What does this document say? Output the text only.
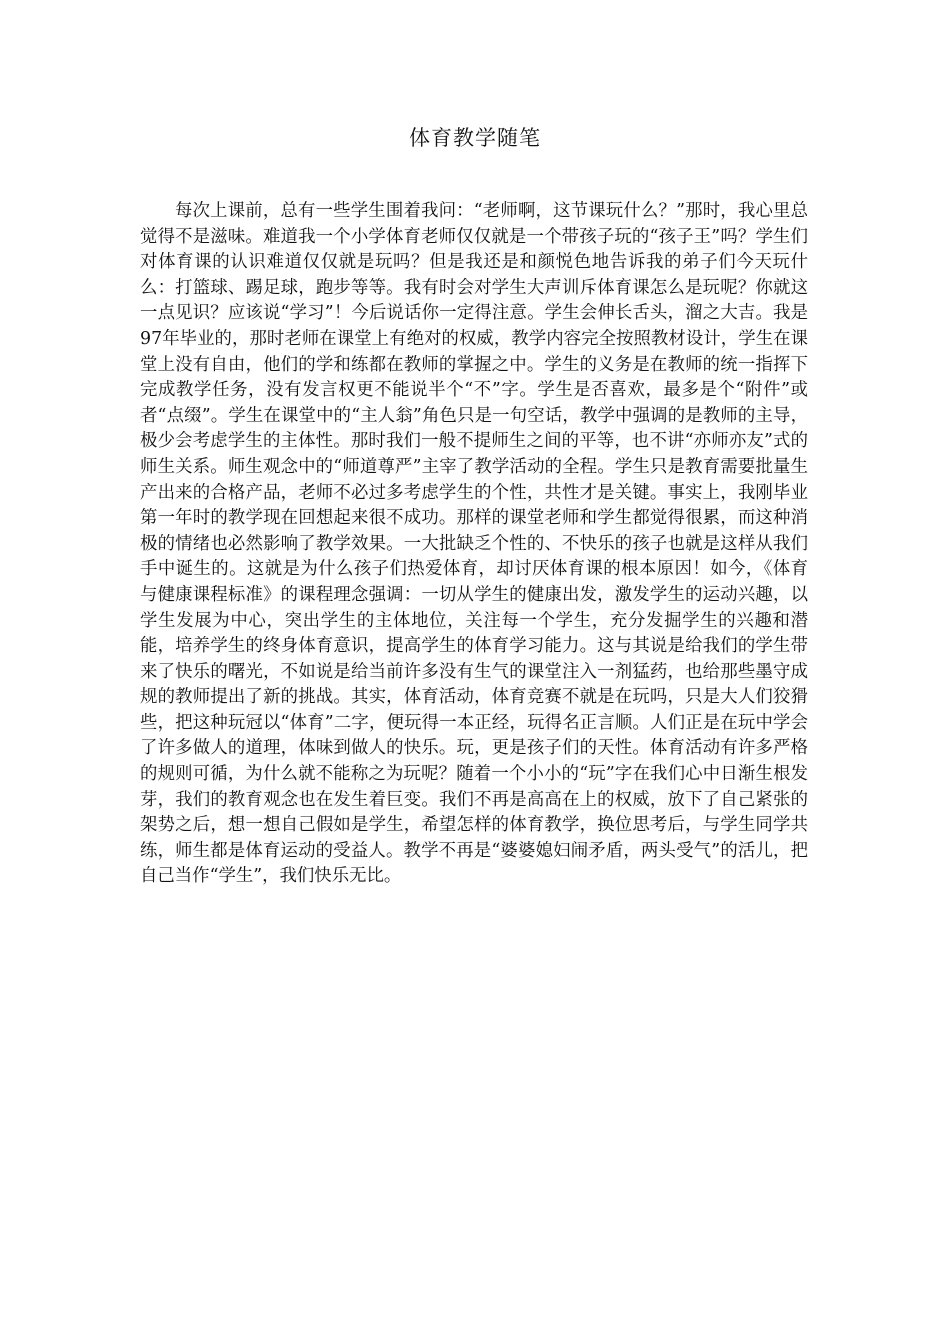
体育教学随笔

每次上课前，总有一些学生围着我问：“老师啊，这节课玩什么？”那时，我心里总觉得不是滋味。难道我一个小学体育老师仅仅就是一个带孩子玩的“孩子王”吗？学生们对体育课的认识难道仅仅就是玩吗？但是我还是和颜悦色地告诉我的弟子们今天玩什么：打篮球、踢足球，跑步等等。我有时会对学生大声训斥体育课怎么是玩呢？你就这一点见识？应该说“学习”！今后说话你一定得注意。学生会伸长舌头，溜之大吉。我是97年毕业的，那时老师在课堂上有绝对的权威，教学内容完全按照教材设计，学生在课堂上没有自由，他们的学和练都在教师的掌握之中。学生的义务是在教师的统一指挥下完成教学任务，没有发言权更不能说半个“不”字。学生是否喜欢，最多是个“附件”或者“点缀”。学生在课堂中的“主人翁”角色只是一句空话，教学中强调的是教师的主导，极少会考虑学生的主体性。那时我们一般不提师生之间的平等，也不讲“亦师亦友”式的师生关系。师生观念中的“师道尊严”主宰了教学活动的全程。学生只是教育需要批量生产出来的合格产品，老师不必过多考虑学生的个性，共性才是关键。事实上，我刚毕业第一年时的教学现在回想起来很不成功。那样的课堂老师和学生都觉得很累，而这种消极的情绪也必然影响了教学效果。一大批缺乏个性的、不快乐的孩子也就是这样从我们手中诞生的。这就是为什么孩子们热爱体育，却讨厌体育课的根本原因！如今，《体育与健康课程标准》的课程理念强调：一切从学生的健康出发，激发学生的运动兴趣，以学生发展为中心，突出学生的主体地位，关注每一个学生，充分发掘学生的兴趣和潜能，培养学生的终身体育意识，提高学生的体育学习能力。这与其说是给我们的学生带来了快乐的曙光，不如说是给当前许多没有生气的课堂注入一剂猛药，也给那些墨守成规的教师提出了新的挑战。其实，体育活动，体育竞赛不就是在玩吗，只是大人们狡猾些，把这种玩冠以“体育”二字，便玩得一本正经，玩得名正言顺。人们正是在玩中学会了许多做人的道理，体味到做人的快乐。玩，更是孩子们的天性。体育活动有许多严格的规则可循，为什么就不能称之为玩呢？随着一个小小的“玩”字在我们心中日渐生根发芽，我们的教育观念也在发生着巨变。我们不再是高高在上的权威，放下了自己紧张的架势之后，想一想自己假如是学生，希望怎样的体育教学，换位思考后，与学生同学共练，师生都是体育运动的受益人。教学不再是“婆婆媳妇闹矛盾，两头受气”的活儿，把自己当作“学生”，我们快乐无比。
